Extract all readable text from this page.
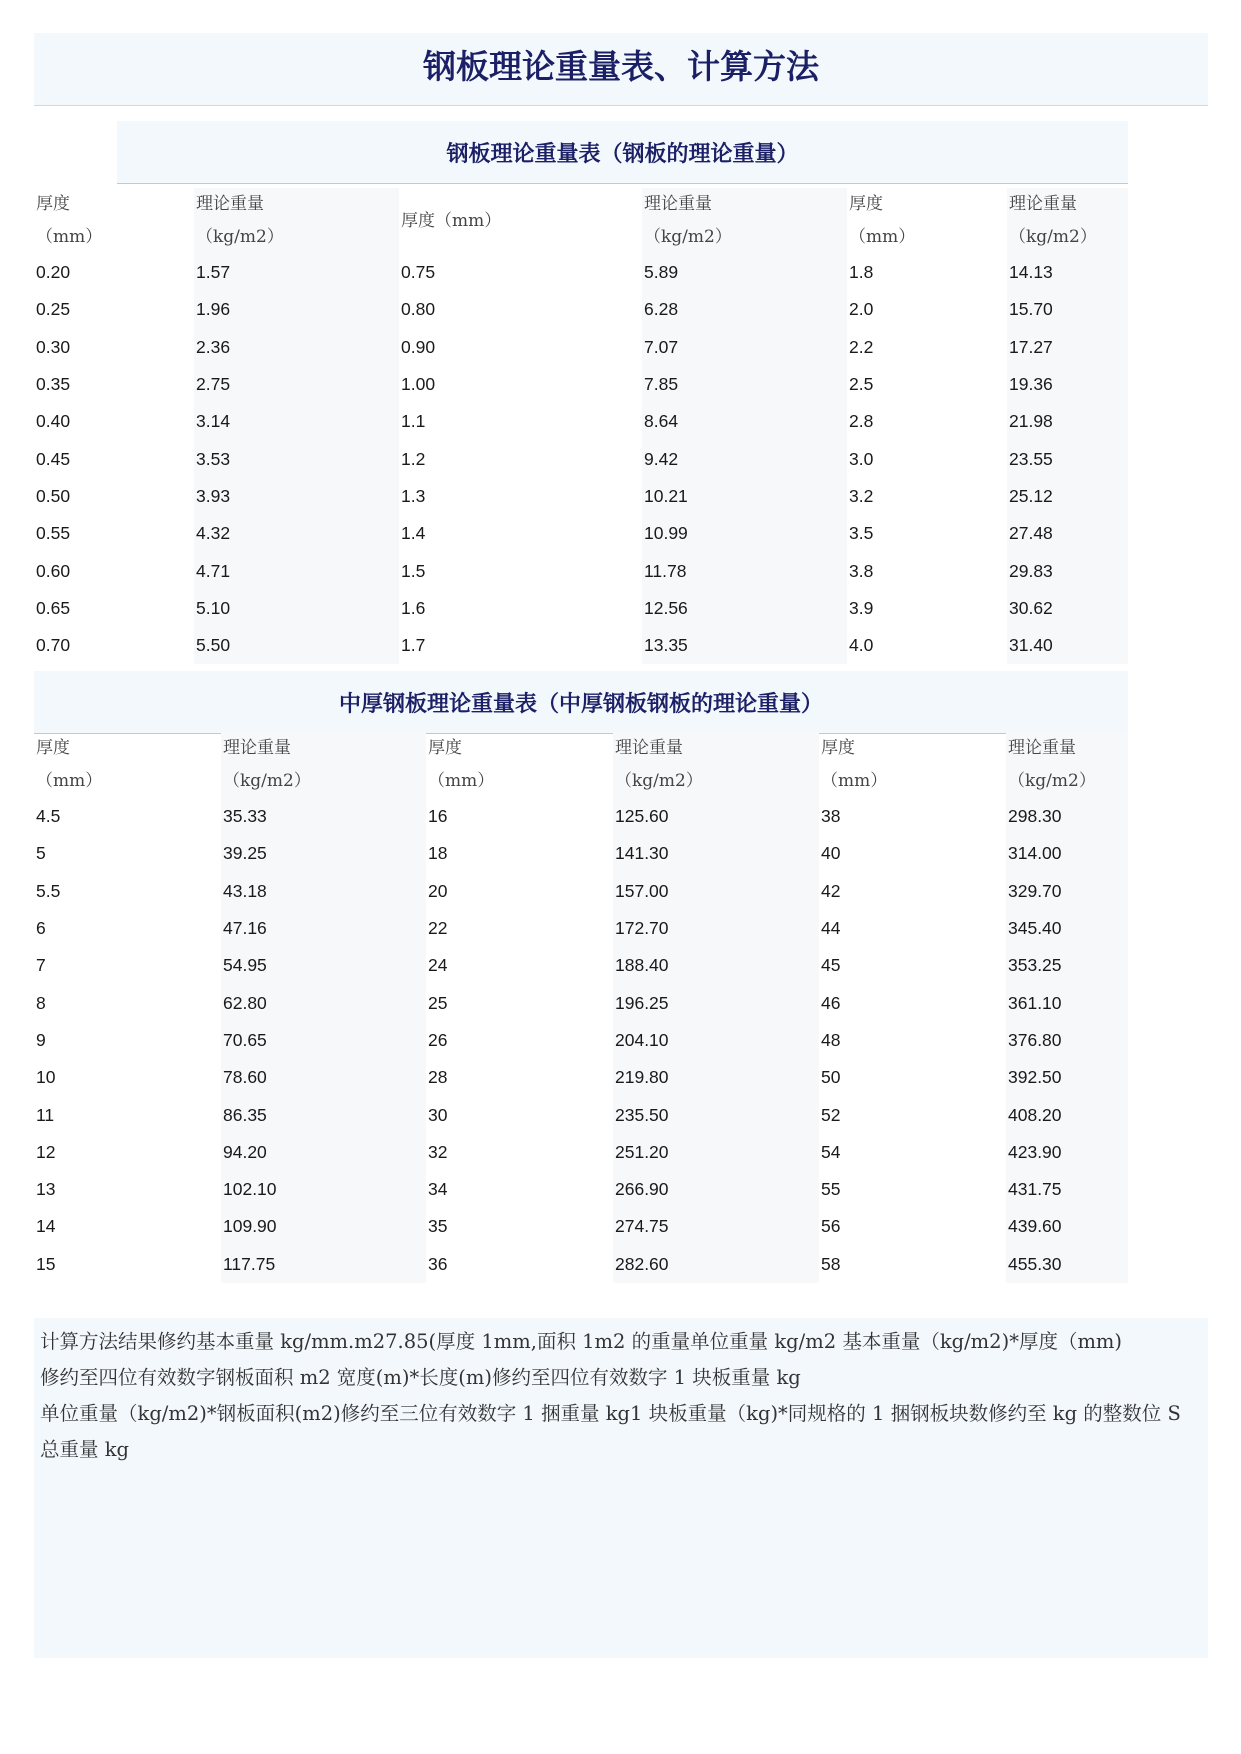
钢板理论重量表、计算方法
钢板理论重量表（钢板的理论重量）
厚度
（mm）	理论重量
（kg/m2）	厚度（mm）	理论重量
（kg/m2）	厚度
（mm）	理论重量
（kg/m2）

0.20	1.57	0.75	5.89	1.8	14.13
0.25	1.96	0.80	6.28	2.0	15.70
0.30	2.36	0.90	7.07	2.2	17.27
0.35	2.75	1.00	7.85	2.5	19.36
0.40	3.14	1.1	8.64	2.8	21.98
0.45	3.53	1.2	9.42	3.0	23.55
0.50	3.93	1.3	10.21	3.2	25.12
0.55	4.32	1.4	10.99	3.5	27.48
0.60	4.71	1.5	11.78	3.8	29.83
0.65	5.10	1.6	12.56	3.9	30.62
0.70	5.50	1.7	13.35	4.0	31.40
中厚钢板理论重量表（中厚钢板钢板的理论重量）
厚度
（mm）	理论重量
（kg/m2）	厚度
（mm）	理论重量
（kg/m2）	厚度
（mm）	理论重量
（kg/m2）

4.5	35.33	16	125.60	38	298.30
5	39.25	18	141.30	40	314.00
5.5	43.18	20	157.00	42	329.70
6	47.16	22	172.70	44	345.40
7	54.95	24	188.40	45	353.25
8	62.80	25	196.25	46	361.10
9	70.65	26	204.10	48	376.80
10	78.60	28	219.80	50	392.50
11	86.35	30	235.50	52	408.20
12	94.20	32	251.20	54	423.90
13	102.10	34	266.90	55	431.75
14	109.90	35	274.75	56	439.60
15	117.75	36	282.60	58	455.30

计算方法结果修约基本重量 kg/mm.m27.85(厚度 1mm,面积 1m2 的重量单位重量 kg/m2 基本重量（kg/m2)*厚度（mm)
修约至四位有效数字钢板面积 m2 宽度(m)*长度(m)修约至四位有效数字 1 块板重量 kg
单位重量（kg/m2)*钢板面积(m2)修约至三位有效数字 1 捆重量 kg1 块板重量（kg)*同规格的 1 捆钢板块数修约至 kg 的整数位 S 总重量 kg
